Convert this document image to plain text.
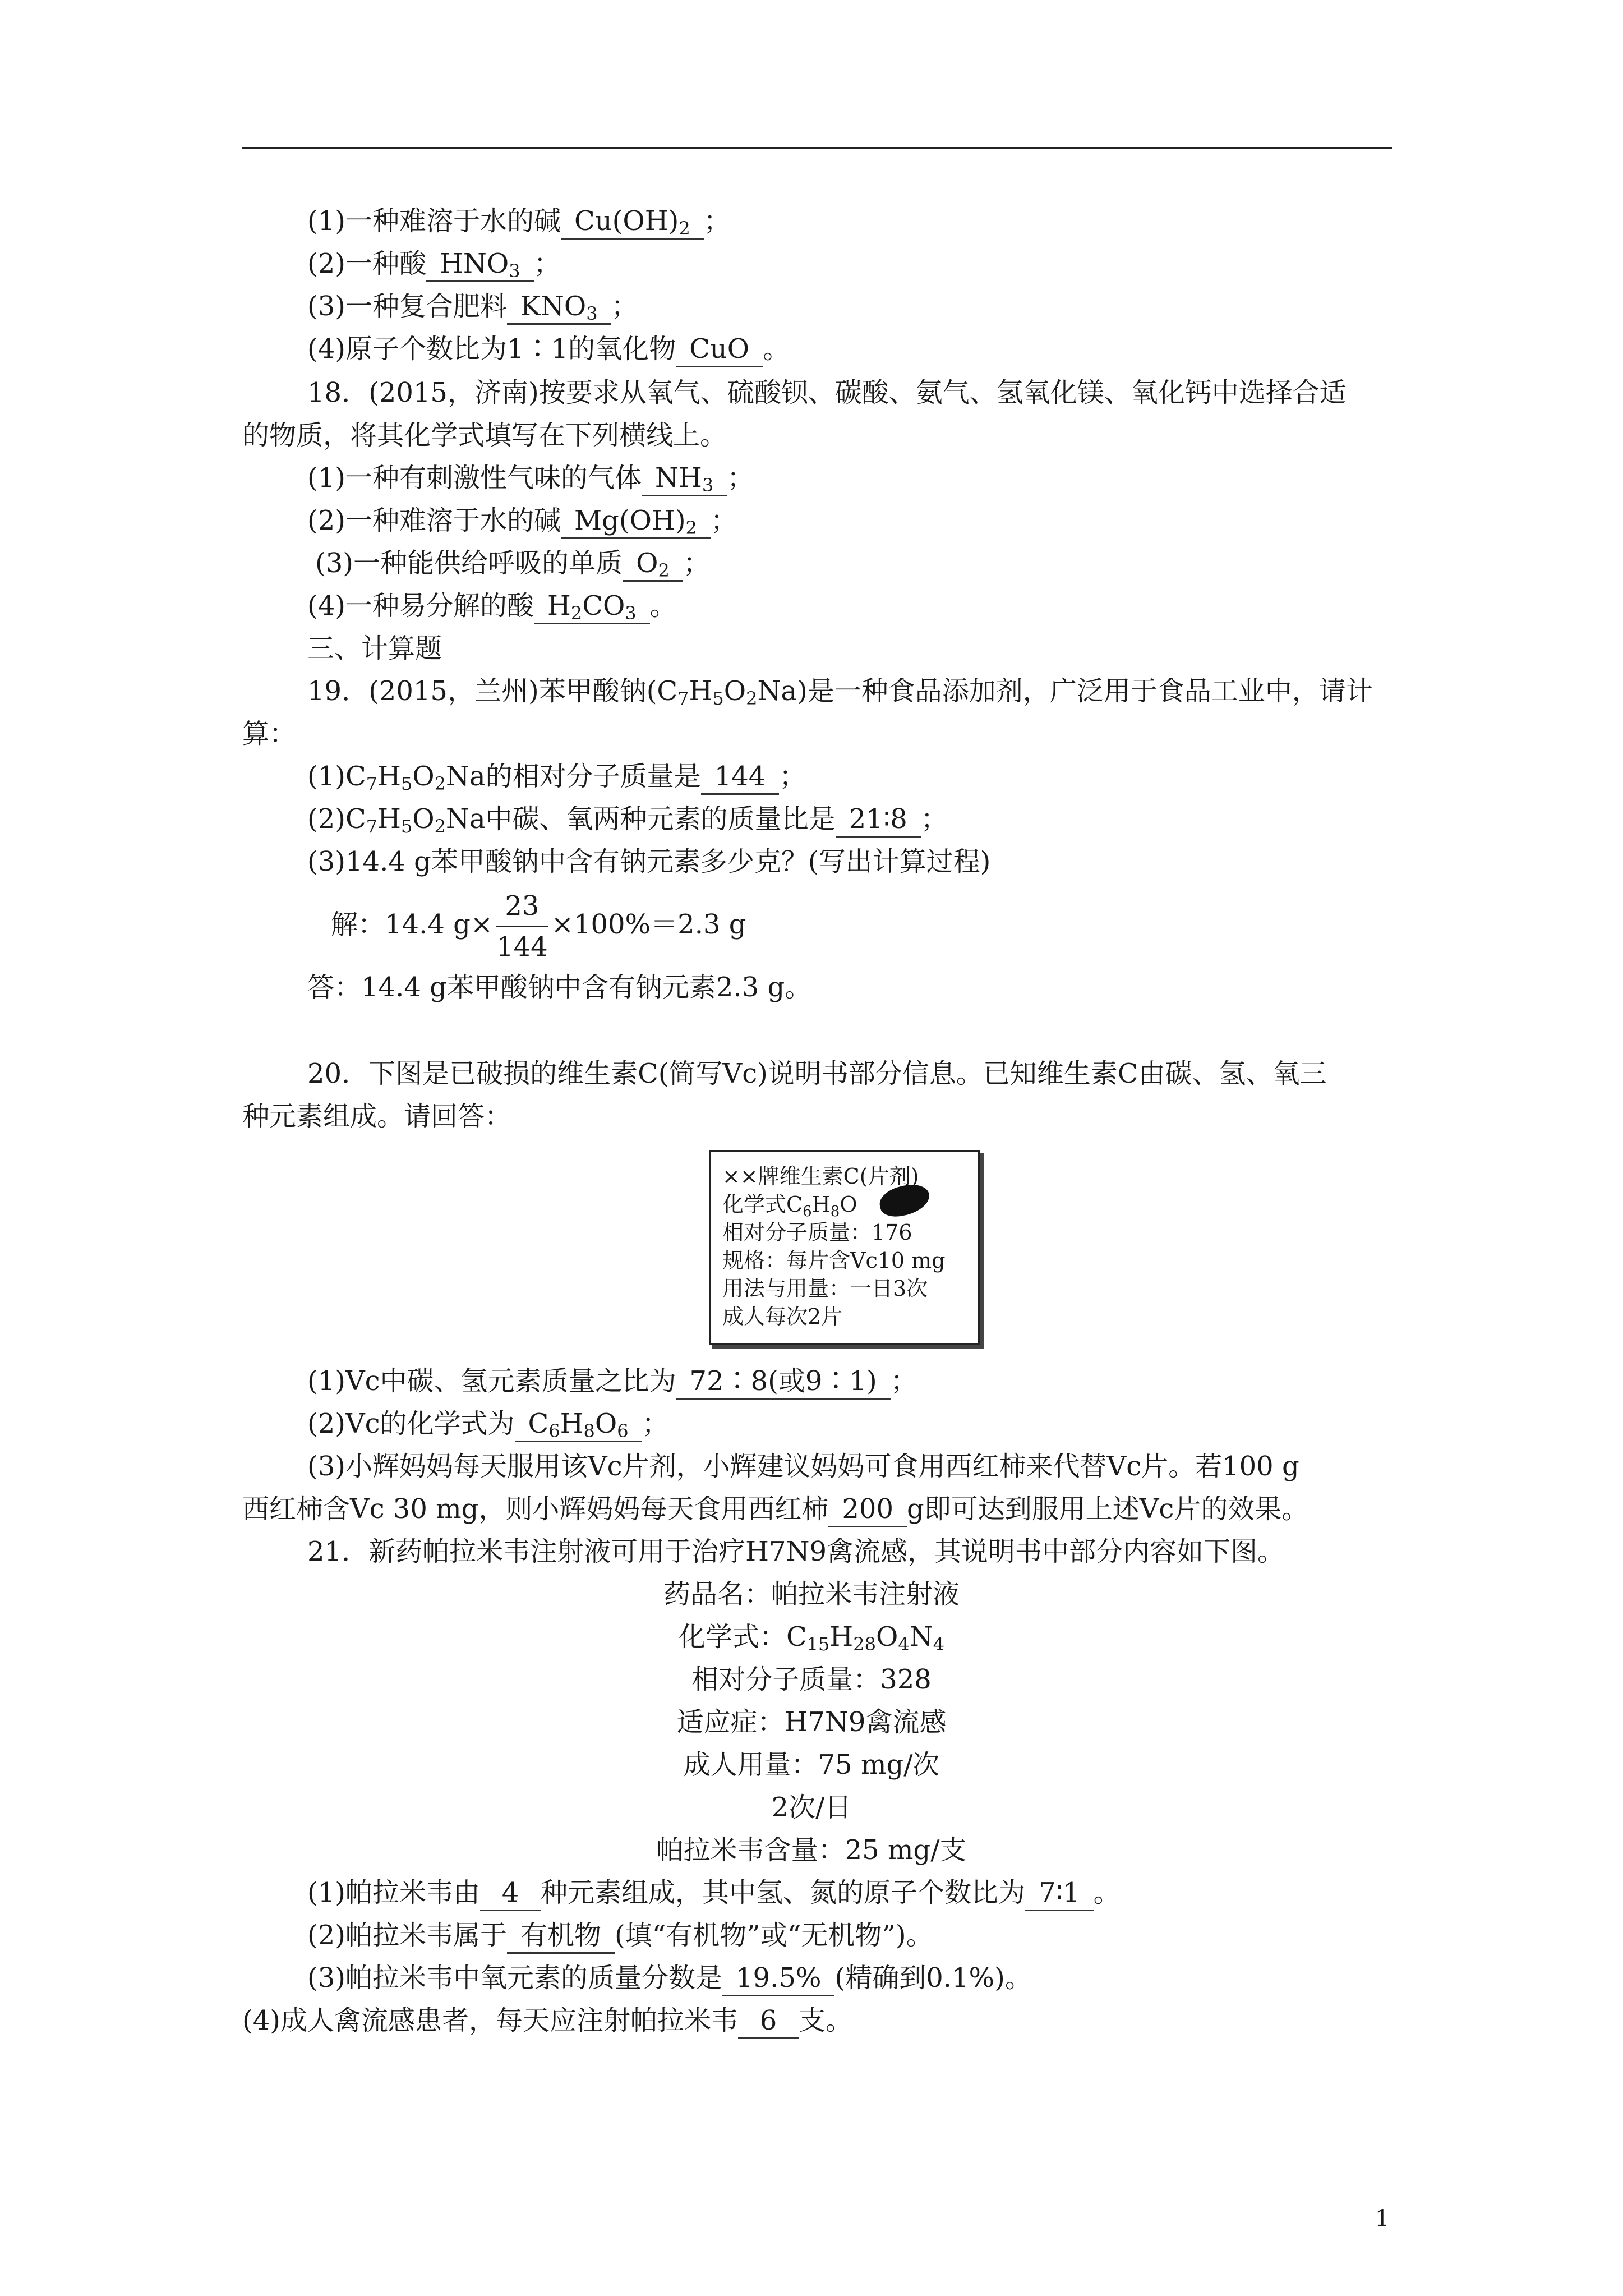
(1)一种难溶于水的碱 $Cu(OH)_2$ ；
(2)一种酸 $HNO_3$ ；
(3)一种复合肥料 $KNO_3$ ；
(4)原子个数比为1∶1的氧化物 CuO 。
18．(2015，济南)按要求从氧气、硫酸钡、碳酸、氨气、氢氧化镁、氧化钙中选择合适
的物质，将其化学式填写在下列横线上。
(1)一种有刺激性气味的气体 $NH_3$ ；
(2)一种难溶于水的碱 $Mg(OH)_2$ ；
(3)一种能供给呼吸的单质 $O_2$ ；
(4)一种易分解的酸 $H_2CO_3$ 。
三、计算题
19．(2015，兰州)苯甲酸钠$(C_7H_5O_2Na)$是一种食品添加剂，广泛用于食品工业中，请计
算：
$(1)C_7H_5O_2Na$的相对分子质量是 144 ；
$(2)C_7H_5O_2Na$中碳、氧两种元素的质量比是 21∶8 ；
(3)14.4 g苯甲酸钠中含有钠元素多少克？(写出计算过程)
解：14.4 $g\times \frac{23}{144} \times 100\%=2.3$ g
答：14.4 g苯甲酸钠中含有钠元素2.3 g。
20．下图是已破损的维生素C(简写Vc)说明书部分信息。已知维生素C由碳、氢、氧三
种元素组成。请回答：
××牌维生素C(片剂)
化学式$C_6H_8O$
相对分子质量：176
规格：每片含Vc10 mg
用法与用量：一日3次
成人每次2片
(1)Vc中碳、氢元素质量之比为 72∶8(或9∶1) ；
(2)Vc的化学式为 $C_6H_8O_6$ ；
(3)小辉妈妈每天服用该Vc片剂，小辉建议妈妈可食用西红柿来代替Vc片。若100 g
西红柿含Vc 30 mg，则小辉妈妈每天食用西红柿 200 g即可达到服用上述Vc片的效果。
21．新药帕拉米韦注射液可用于治疗H7N9禽流感，其说明书中部分内容如下图。
药品名：帕拉米韦注射液
化学式：$C_{15}H_{28}O_4N_4$
相对分子质量：328
适应症：H7N9禽流感
成人用量：75 mg/次
2次/日
帕拉米韦含量：25 mg/支
(1)帕拉米韦由 4 种元素组成，其中氢、氮的原子个数比为 7∶1 。
(2)帕拉米韦属于 有机物 (填“有机物”或“无机物”)。
(3)帕拉米韦中氧元素的质量分数是 19.5% (精确到0.1%)。
(4)成人禽流感患者，每天应注射帕拉米韦 6 支。
1
